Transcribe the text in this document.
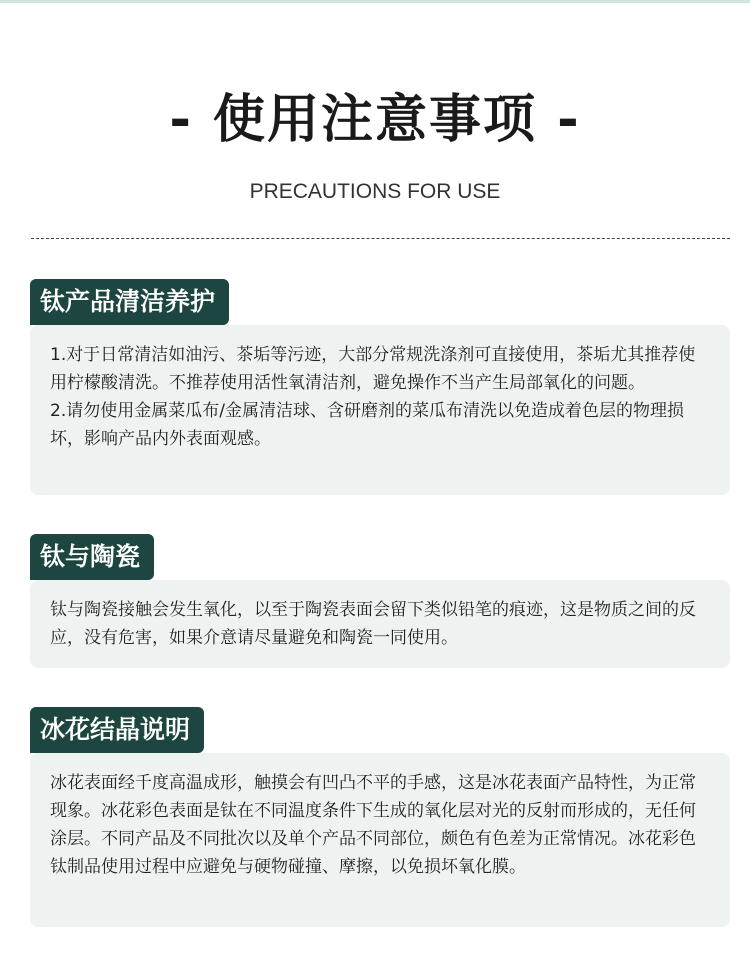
- 使用注意事项 -
PRECAUTIONS FOR USE
钛产品清洁养护

1.对于日常清洁如油污、茶垢等污迹，大部分常规洗涤剂可直接使用，茶垢尤其推荐使用柠檬酸清洗。不推荐使用活性氧清洁剂，避免操作不当产生局部氧化的问题。

2.请勿使用金属菜瓜布/金属清洁球、含研磨剂的菜瓜布清洗以免造成着色层的物理损坏，影响产品内外表面观感。

钛与陶瓷

钛与陶瓷接触会发生氧化，以至于陶瓷表面会留下类似铅笔的痕迹，这是物质之间的反应，没有危害，如果介意请尽量避免和陶瓷一同使用。

冰花结晶说明

冰花表面经千度高温成形，触摸会有凹凸不平的手感，这是冰花表面产品特性，为正常现象。冰花彩色表面是钛在不同温度条件下生成的氧化层对光的反射而形成的，无任何涂层。不同产品及不同批次以及单个产品不同部位，颇色有色差为正常情况。冰花彩色钛制品使用过程中应避免与硬物碰撞、摩擦，以免损坏氧化膜。
